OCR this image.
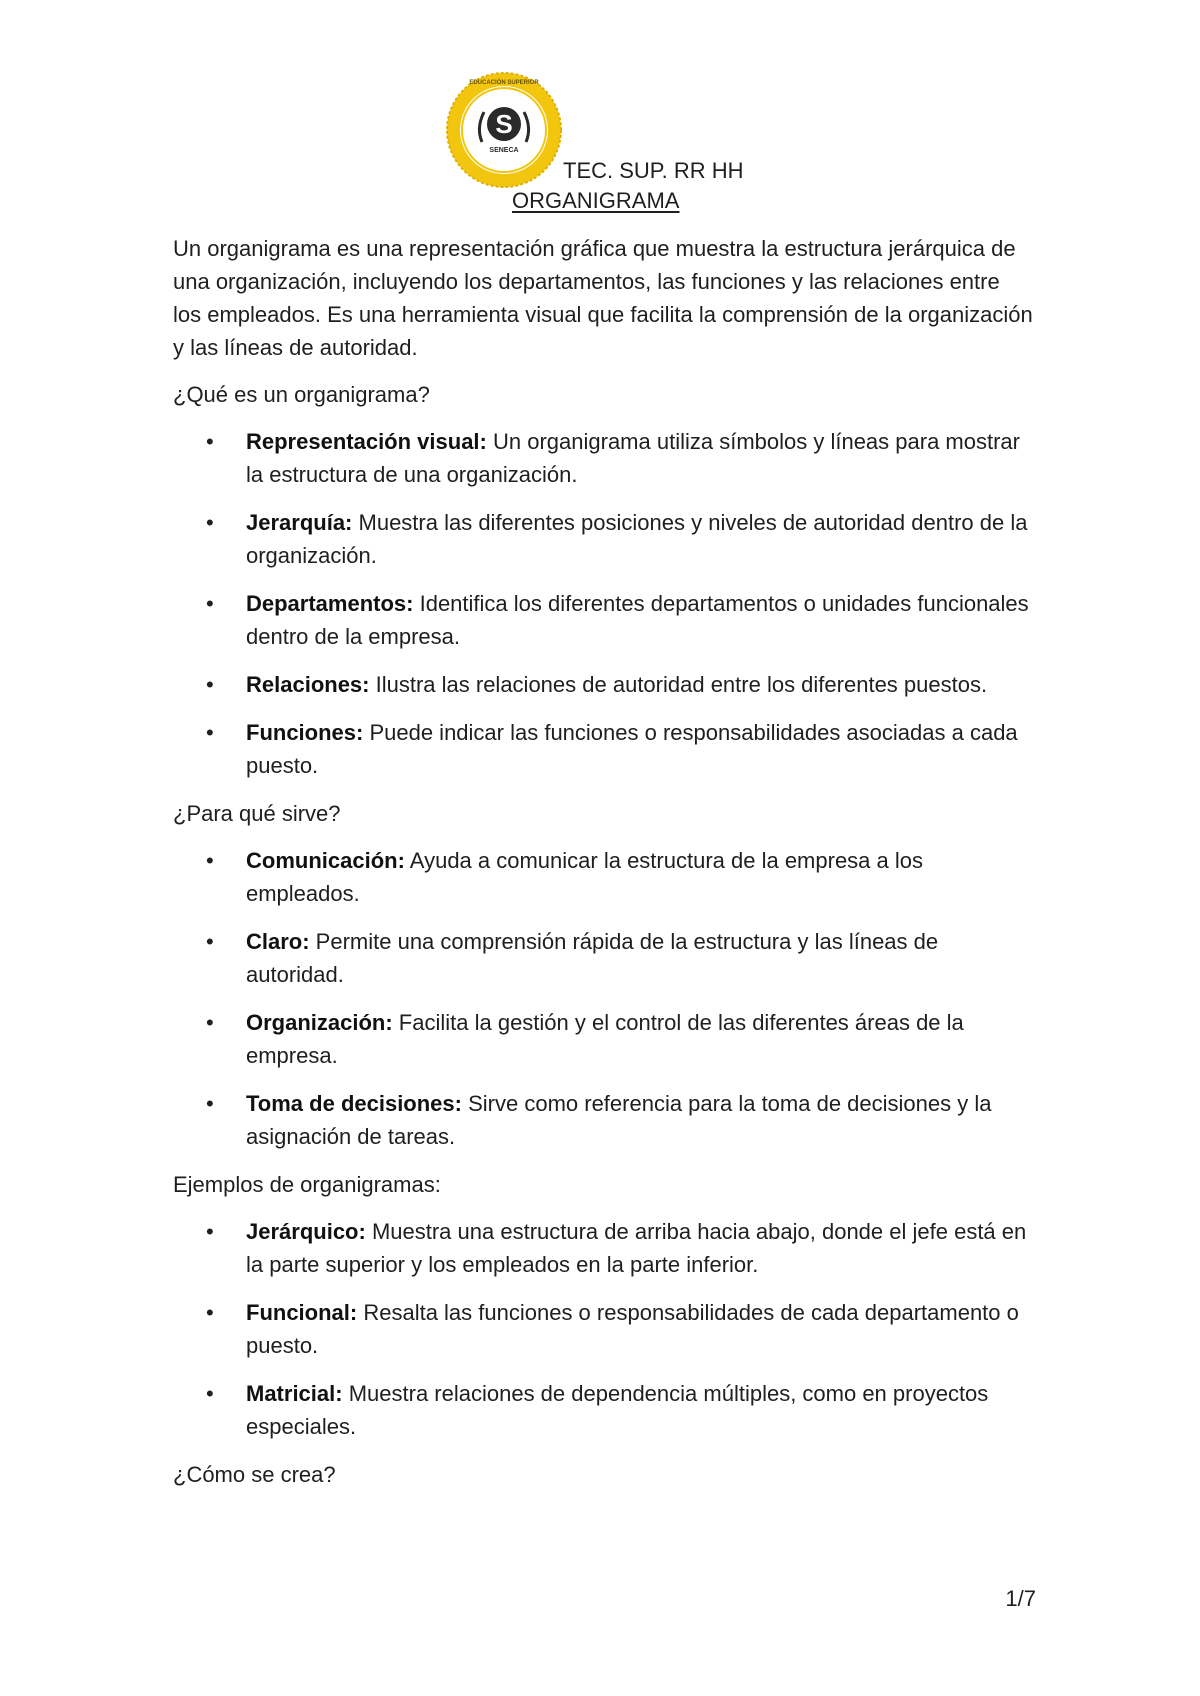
S
SENECA
EDUCACIÓN SUPERIOR
TEC. SUP. RR HH
ORGANIGRAMA

Un organigrama es una representación gráfica que muestra la estructura jerárquica de una organización, incluyendo los departamentos, las funciones y las relaciones entre los empleados. Es una herramienta visual que facilita la comprensión de la organización y las líneas de autoridad.

¿Qué es un organigrama?

• Representación visual: Un organigrama utiliza símbolos y líneas para mostrar la estructura de una organización.
• Jerarquía: Muestra las diferentes posiciones y niveles de autoridad dentro de la organización.
• Departamentos: Identifica los diferentes departamentos o unidades funcionales dentro de la empresa.
• Relaciones: Ilustra las relaciones de autoridad entre los diferentes puestos.
• Funciones: Puede indicar las funciones o responsabilidades asociadas a cada puesto.

¿Para qué sirve?

• Comunicación: Ayuda a comunicar la estructura de la empresa a los empleados.
• Claro: Permite una comprensión rápida de la estructura y las líneas de autoridad.
• Organización: Facilita la gestión y el control de las diferentes áreas de la empresa.
• Toma de decisiones: Sirve como referencia para la toma de decisiones y la asignación de tareas.

Ejemplos de organigramas:

• Jerárquico: Muestra una estructura de arriba hacia abajo, donde el jefe está en la parte superior y los empleados en la parte inferior.
• Funcional: Resalta las funciones o responsabilidades de cada departamento o puesto.
• Matricial: Muestra relaciones de dependencia múltiples, como en proyectos especiales.

¿Cómo se crea?

1/7
